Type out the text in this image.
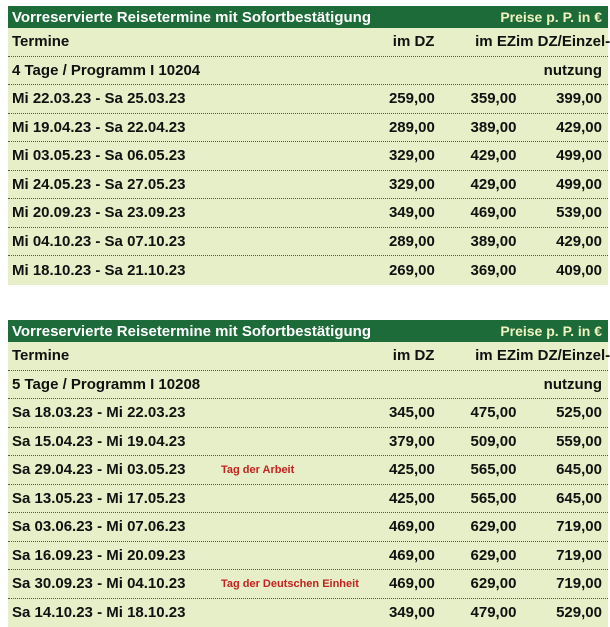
Vorreservierte Reisetermine mit Sofortbestätigung	Preise p. P. in €
Termine	im DZ	im EZ im DZ/Einzel-
4 Tage / Programm I 10204	nutzung
Mi 22.03.23 - Sa 25.03.23	259,00	359,00	399,00
Mi 19.04.23 - Sa 22.04.23	289,00	389,00	429,00
Mi 03.05.23 - Sa 06.05.23	329,00	429,00	499,00
Mi 24.05.23 - Sa 27.05.23	329,00	429,00	499,00
Mi 20.09.23 - Sa 23.09.23	349,00	469,00	539,00
Mi 04.10.23 - Sa 07.10.23	289,00	389,00	429,00
Mi 18.10.23 - Sa 21.10.23	269,00	369,00	409,00
Vorreservierte Reisetermine mit Sofortbestätigung	Preise p. P. in €
Termine	im DZ	im EZ im DZ/Einzel-
5 Tage / Programm I 10208	nutzung
Sa 18.03.23 - Mi 22.03.23	345,00	475,00	525,00
Sa 15.04.23 - Mi 19.04.23	379,00	509,00	559,00
Sa 29.04.23 - Mi 03.05.23	Tag der Arbeit	425,00	565,00	645,00
Sa 13.05.23 - Mi 17.05.23	425,00	565,00	645,00
Sa 03.06.23 - Mi 07.06.23	469,00	629,00	719,00
Sa 16.09.23 - Mi 20.09.23	469,00	629,00	719,00
Sa 30.09.23 - Mi 04.10.23	Tag der Deutschen Einheit	469,00	629,00	719,00
Sa 14.10.23 - Mi 18.10.23	349,00	479,00	529,00
